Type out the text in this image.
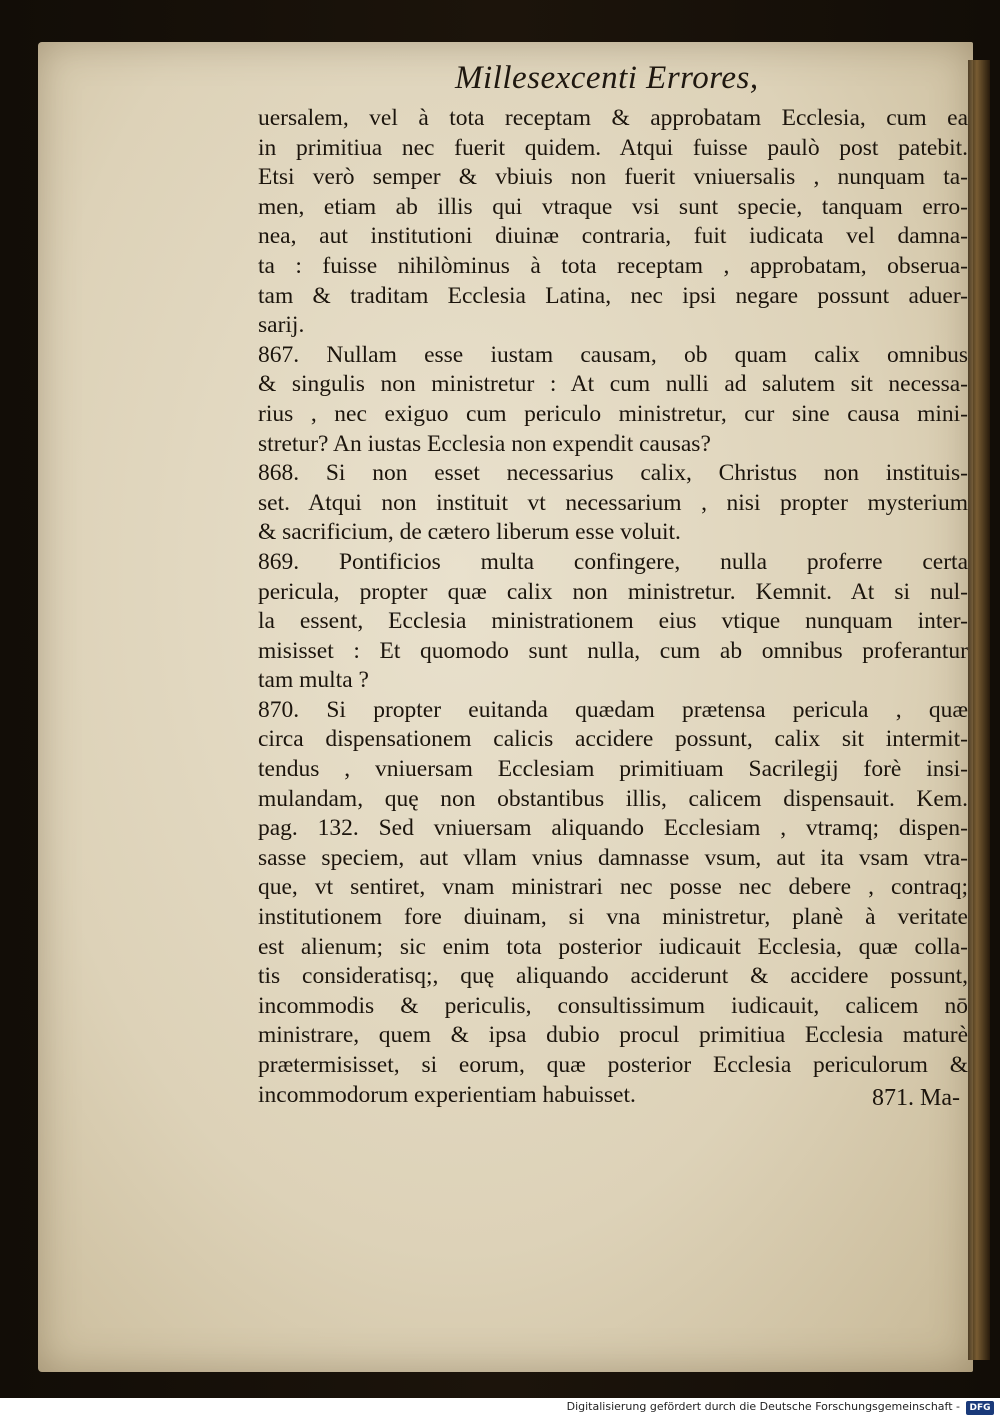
Millesexcenti Errores,
uersalem, vel à tota receptam & approbatam Ecclesia, cum ea
in primitiua nec fuerit quidem. Atqui fuisse paulò post patebit.
Etsi verò semper & vbiuis non fuerit vniuersalis , nunquam ta-
men, etiam ab illis qui vtraque vsi sunt specie, tanquam erro-
nea, aut institutioni diuinæ contraria, fuit iudicata vel damna-
ta : fuisse nihilòminus à tota receptam , approbatam, obserua-
tam & traditam Ecclesia Latina, nec ipsi negare possunt aduer-
sarij.
867. Nullam esse iustam causam, ob quam calix omnibus
& singulis non ministretur : At cum nulli ad salutem sit necessa-
rius , nec exiguo cum periculo ministretur, cur sine causa mini-
stretur? An iustas Ecclesia non expendit causas?
868. Si non esset necessarius calix, Christus non instituis-
set. Atqui non instituit vt necessarium , nisi propter mysterium
& sacrificium, de cætero liberum esse voluit.
869. Pontificios multa confingere, nulla proferre certa
pericula, propter quæ calix non ministretur. Kemnit. At si nul-
la essent, Ecclesia ministrationem eius vtique nunquam inter-
misisset : Et quomodo sunt nulla, cum ab omnibus proferantur
tam multa ?
870. Si propter euitanda quædam prætensa pericula , quæ
circa dispensationem calicis accidere possunt, calix sit intermit-
tendus , vniuersam Ecclesiam primitiuam Sacrilegij forè insi-
mulandam, quę non obstantibus illis, calicem dispensauit. Kem.
pag. 132. Sed vniuersam aliquando Ecclesiam , vtramq; dispen-
sasse speciem, aut vllam vnius damnasse vsum, aut ita vsam vtra-
que, vt sentiret, vnam ministrari nec posse nec debere , contraq;
institutionem fore diuinam, si vna ministretur, planè à veritate
est alienum; sic enim tota posterior iudicauit Ecclesia, quæ colla-
tis consideratisq;, quę aliquando acciderunt & accidere possunt,
incommodis & periculis, consultissimum iudicauit, calicem nō
ministrare, quem & ipsa dubio procul primitiua Ecclesia maturè
prætermisisset, si eorum, quæ posterior Ecclesia periculorum &
incommodorum experientiam habuisset.	871. Ma-
Digitalisierung gefördert durch die Deutsche Forschungsgemeinschaft -	DFG
